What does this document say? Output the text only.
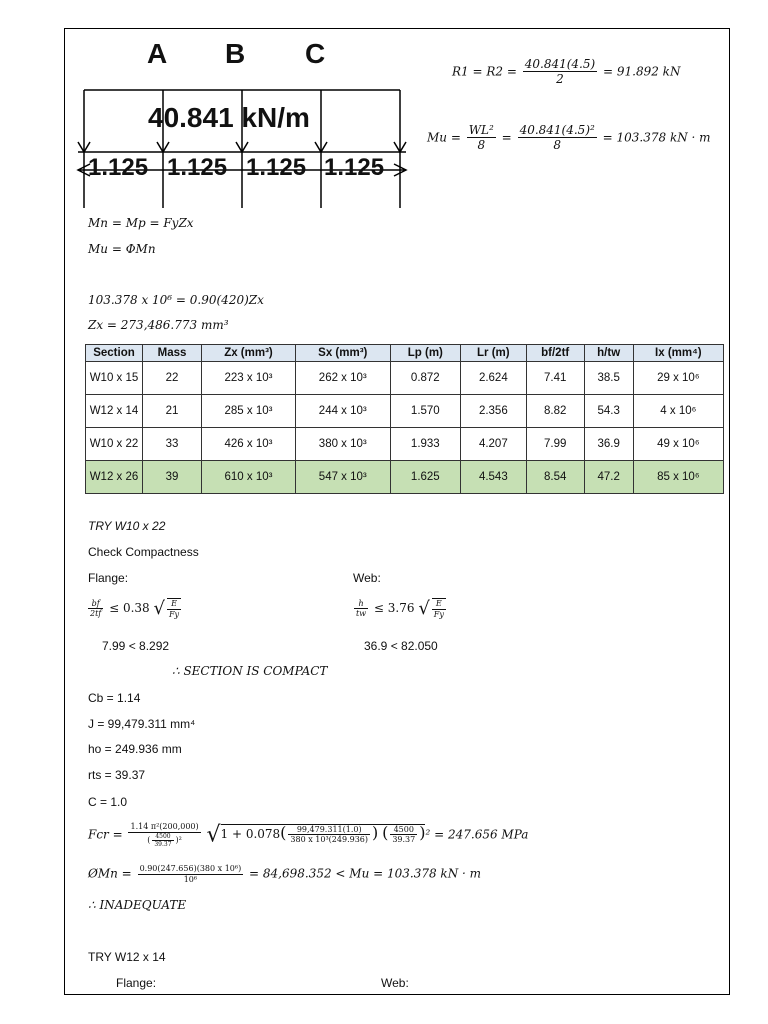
A B C
40.841 kN/m
1.125 1.125 1.125 1.125
$R1 = R2 = \frac{40.841(4.5)}{2} = 91.892$ kN
$Mu = \frac{\text{WL²}}{8} = \frac{\text{40.841(4.5)²}}{8} = 103.378$ kN · m
Mn = Mp = FyZx
Mu = ΦMn
103.378 x 10⁶ = 0.90(420)Zx
Zx = 273,486.773 mm³
Section	Mass	Zx (mm³)	Sx (mm³)	Lp (m)	Lr (m)	bf/2tf	h/tw	Ix (mm⁴)
W10 x 15	22	223 x 10³	262 x 10³	0.872	2.624	7.41	38.5	29 x 10⁶
W12 x 14	21	285 x 10³	244 x 10³	1.570	2.356	8.82	54.3	4 x 10⁶
W10 x 22	33	426 x 10³	380 x 10³	1.933	4.207	7.99	36.9	49 x 10⁶
W12 x 26	39	610 x 10³	547 x 10³	1.625	4.543	8.54	47.2	85 x 10⁶
TRY W10 x 22
Check Compactness
Flange:	Web:
$\frac{bf}{2tf} \le 0.38$ √ $\frac{E}{Fy}$	$\frac{h}{tw} \le 3.76$ √ $\frac{E}{Fy}$
7.99 < 8.292	36.9 < 82.050
∴ SECTION IS COMPACT
Cb = 1.14
J = 99,479.311 mm⁴
ho = 249.936 mm
rts = 39.37
C = 1.0
Fcr = $\frac{\text{1.14 π²(200,000)}}{( \frac{4500}{39.37} )^2} √1 + 0.078( \frac{99,479.311(1.0)}{\text{380 x 10³(249.936)}}$ ) ( $\frac{4500}{39.37} )^2 = 247.656$ MPa
ØMn = $\frac{\text{0.90(247.656)(380 x 10⁶)}}{\text{10⁶}} = 84,698.352 < Mu = 103.378$ kN · m
∴ INADEQUATE
TRY W12 x 14
Flange:	Web:
